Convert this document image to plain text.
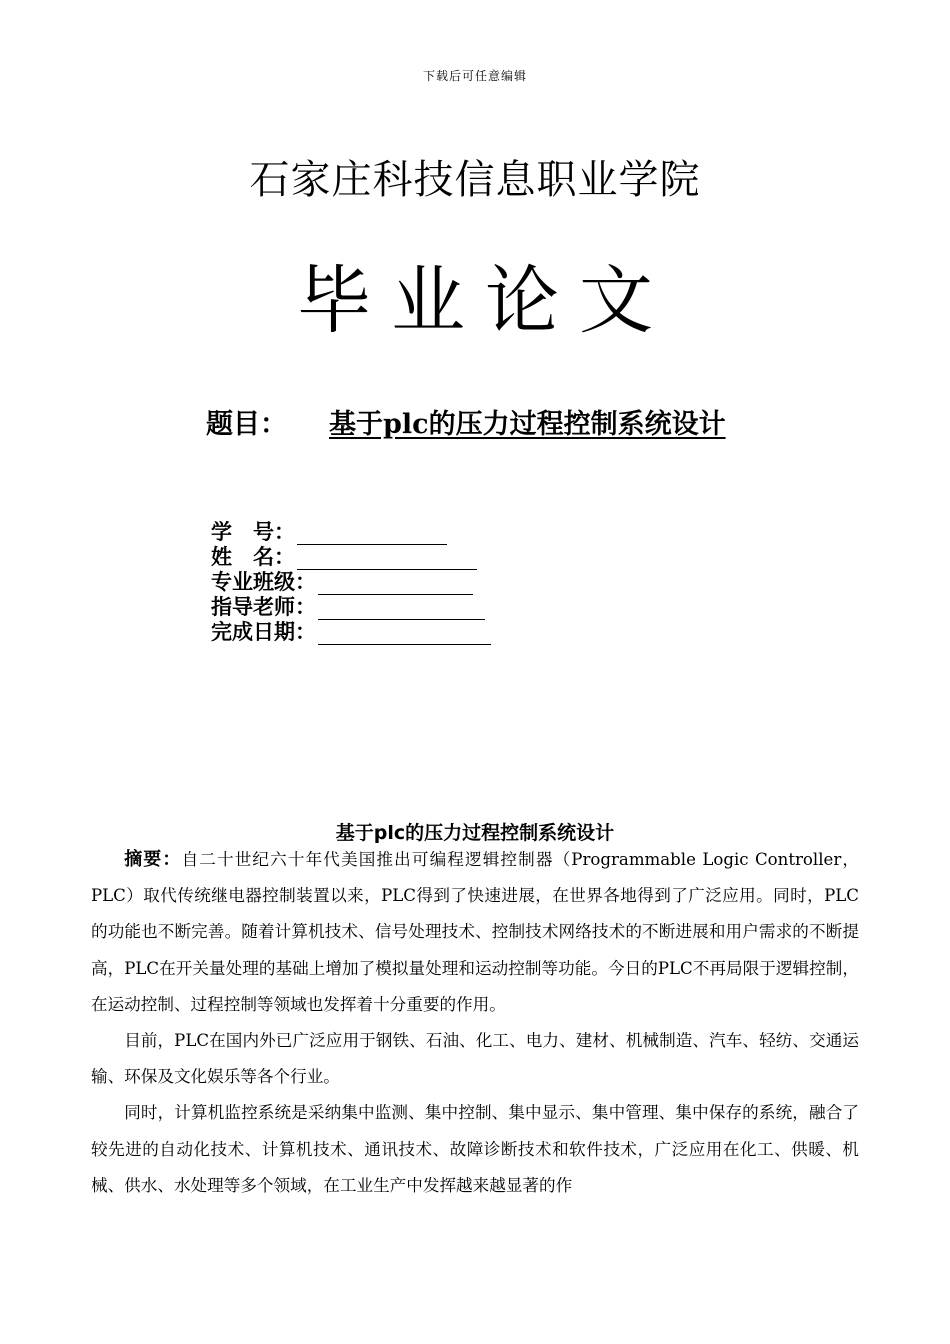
下载后可任意编辑
石家庄科技信息职业学院
毕业论文
题目： 基于plc的压力过程控制系统设计
学　号：
姓　名：
专业班级：
指导老师：
完成日期：
基于plc的压力过程控制系统设计

摘要：自二十世纪六十年代美国推出可编程逻辑控制器（Programmable Logic Controller，PLC）取代传统继电器控制装置以来，PLC得到了快速进展，在世界各地得到了广泛应用。同时，PLC的功能也不断完善。随着计算机技术、信号处理技术、控制技术网络技术的不断进展和用户需求的不断提高，PLC在开关量处理的基础上增加了模拟量处理和运动控制等功能。今日的PLC不再局限于逻辑控制，在运动控制、过程控制等领域也发挥着十分重要的作用。

目前，PLC在国内外已广泛应用于钢铁、石油、化工、电力、建材、机械制造、汽车、轻纺、交通运输、环保及文化娱乐等各个行业。

同时，计算机监控系统是采纳集中监测、集中控制、集中显示、集中管理、集中保存的系统，融合了较先进的自动化技术、计算机技术、通讯技术、故障诊断技术和软件技术，广泛应用在化工、供暖、机械、供水、水处理等多个领域，在工业生产中发挥越来越显著的作
